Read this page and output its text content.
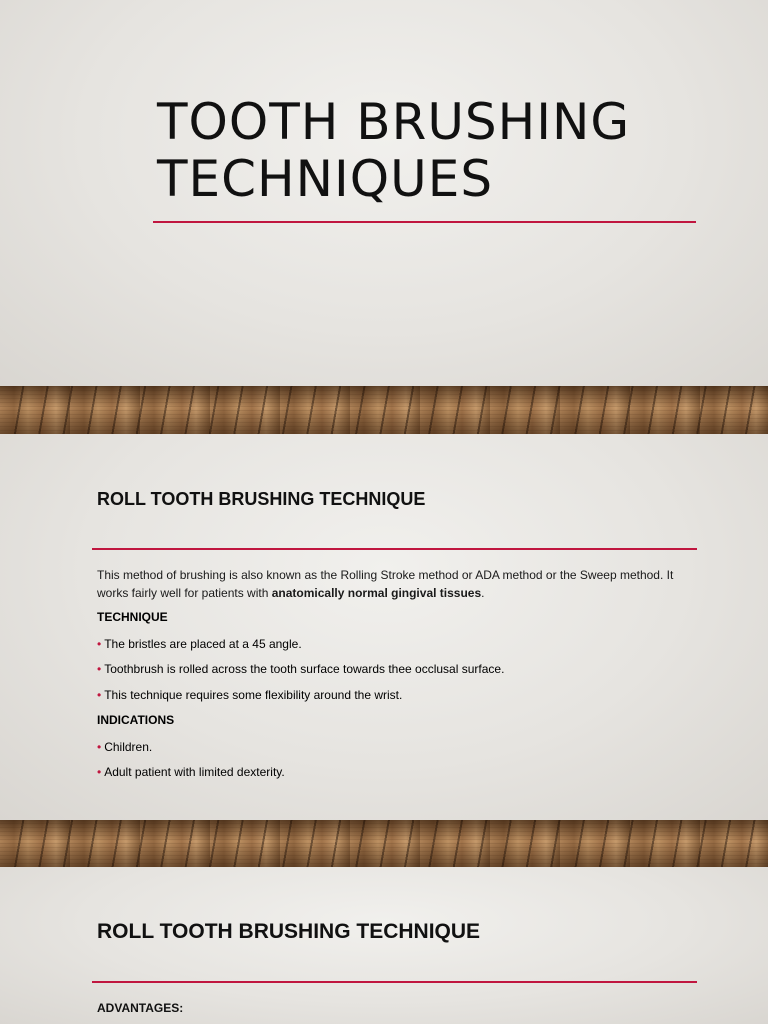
TOOTH BRUSHING
TECHNIQUES
ROLL TOOTH BRUSHING TECHNIQUE

This method of brushing is also known as the Rolling Stroke method or ADA method or the Sweep method. It works fairly well for patients with anatomically normal gingival tissues.

TECHNIQUE

• The bristles are placed at a 45 angle.

• Toothbrush is rolled across the tooth surface towards thee occlusal surface.

• This technique requires some flexibility around the wrist.

INDICATIONS

• Children.

• Adult patient with limited dexterity.

ROLL TOOTH BRUSHING TECHNIQUE

ADVANTAGES:
